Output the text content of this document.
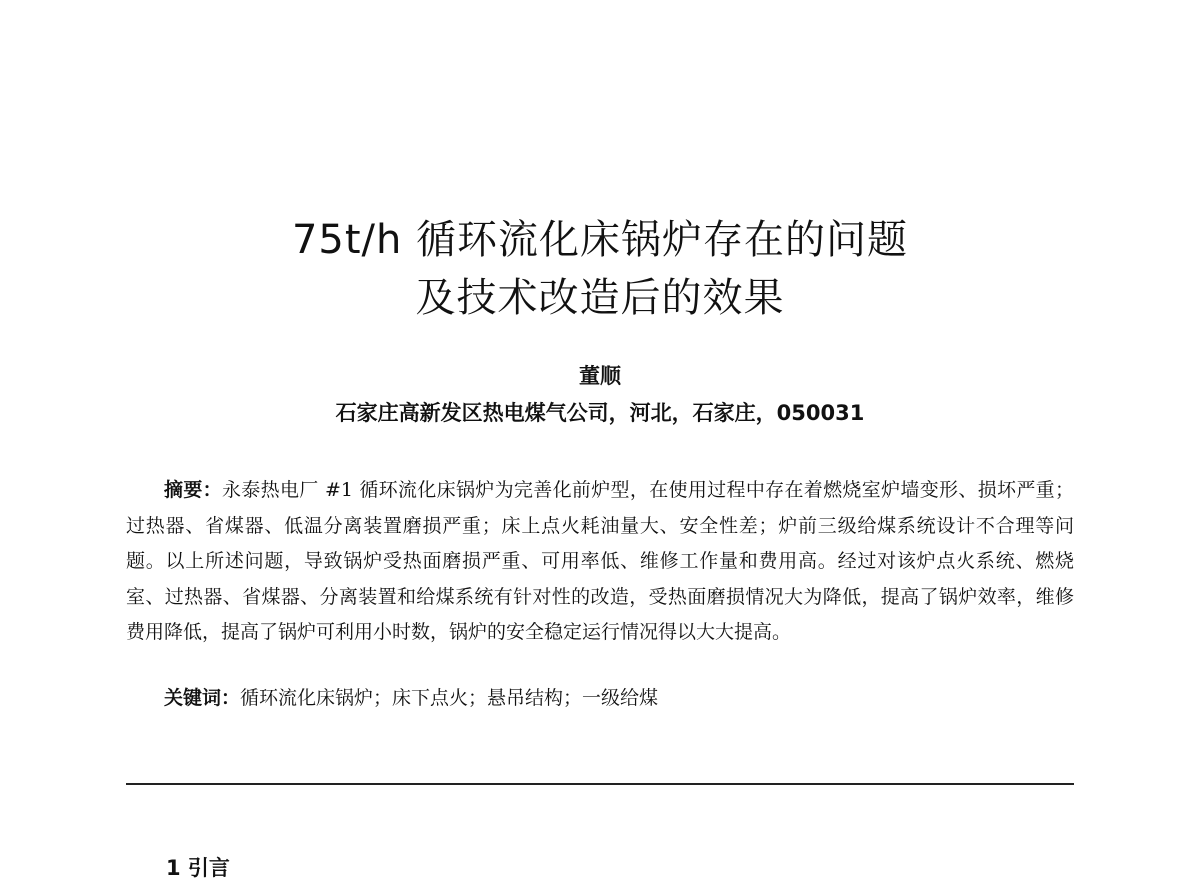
75t/h 循环流化床锅炉存在的问题
及技术改造后的效果
董顺
石家庄高新发区热电煤气公司，河北，石家庄，050031

摘要：永泰热电厂 #1 循环流化床锅炉为完善化前炉型，在使用过程中存在着燃烧室炉墙变形、损坏严重；过热器、省煤器、低温分离装置磨损严重；床上点火耗油量大、安全性差；炉前三级给煤系统设计不合理等问题。以上所述问题，导致锅炉受热面磨损严重、可用率低、维修工作量和费用高。经过对该炉点火系统、燃烧室、过热器、省煤器、分离装置和给煤系统有针对性的改造，受热面磨损情况大为降低，提高了锅炉效率，维修费用降低，提高了锅炉可利用小时数，锅炉的安全稳定运行情况得以大大提高。

关键词：循环流化床锅炉；床下点火；悬吊结构；一级给煤

1 引言
